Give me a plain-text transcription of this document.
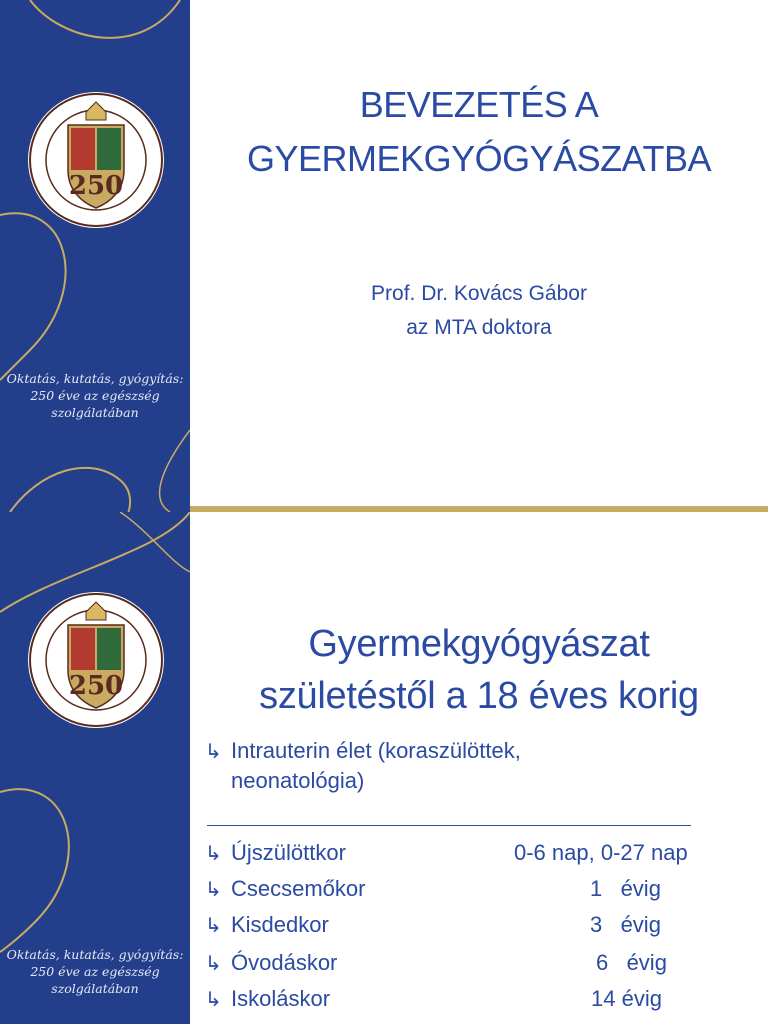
250
Oktatás, kutatás, gyógyítás: 250 éve az egészség szolgálatában
BEVEZETÉS A
GYERMEKGYÓGYÁSZATBA
Prof. Dr. Kovács Gábor
az MTA doktora
250
Oktatás, kutatás, gyógyítás: 250 éve az egészség szolgálatában
Gyermekgyógyászat
születéstől a 18 éves korig
↳ Intrauterin élet (koraszülöttek,
neonatológia)
↳ Újszülöttkor	0-6 nap, 0-27 nap
↳ Csecsemőkor	1   évig
↳ Kisdedkor	3   évig
↳ Óvodáskor	6   évig
↳ Iskoláskor	14 évig
